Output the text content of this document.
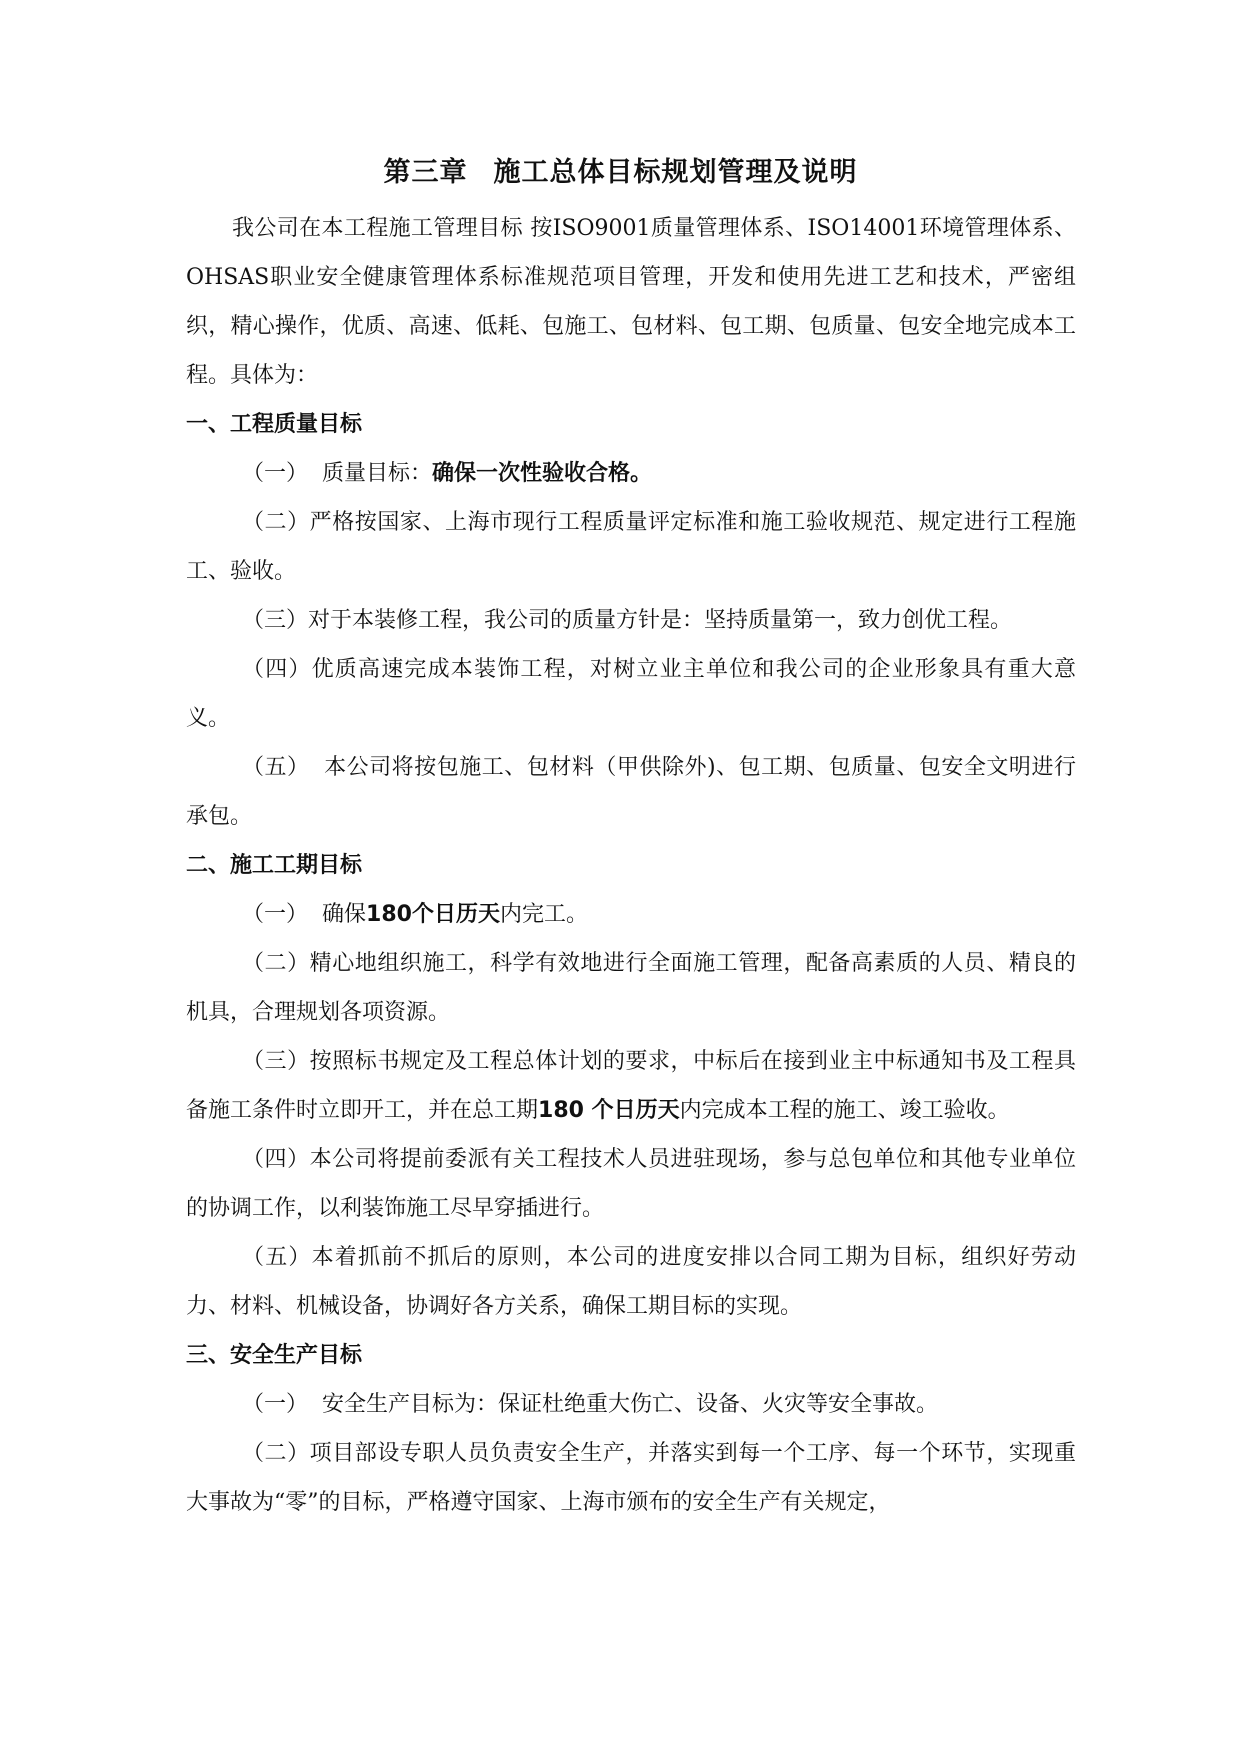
第三章 施工总体目标规划管理及说明

我公司在本工程施工管理目标 按ISO9001质量管理体系、ISO14001环境管理体系、OHSAS职业安全健康管理体系标准规范项目管理，开发和使用先进工艺和技术，严密组织，精心操作，优质、高速、低耗、包施工、包材料、包工期、包质量、包安全地完成本工程。具体为：

一、工程质量目标

（一） 质量目标：确保一次性验收合格。

（二）严格按国家、上海市现行工程质量评定标准和施工验收规范、规定进行工程施工、验收。

（三）对于本装修工程，我公司的质量方针是：坚持质量第一，致力创优工程。

（四）优质高速完成本装饰工程，对树立业主单位和我公司的企业形象具有重大意义。

（五） 本公司将按包施工、包材料（甲供除外)、包工期、包质量、包安全文明进行承包。

二、施工工期目标

（一） 确保180个日历天内完工。

（二）精心地组织施工，科学有效地进行全面施工管理，配备高素质的人员、精良的机具，合理规划各项资源。

（三）按照标书规定及工程总体计划的要求，中标后在接到业主中标通知书及工程具备施工条件时立即开工，并在总工期180 个日历天内完成本工程的施工、竣工验收。

（四）本公司将提前委派有关工程技术人员进驻现场，参与总包单位和其他专业单位的协调工作，以利装饰施工尽早穿插进行。

（五）本着抓前不抓后的原则，本公司的进度安排以合同工期为目标，组织好劳动力、材料、机械设备，协调好各方关系，确保工期目标的实现。

三、安全生产目标

（一） 安全生产目标为：保证杜绝重大伤亡、设备、火灾等安全事故。

（二）项目部设专职人员负责安全生产，并落实到每一个工序、每一个环节，实现重大事故为“零”的目标，严格遵守国家、上海市颁布的安全生产有关规定，
